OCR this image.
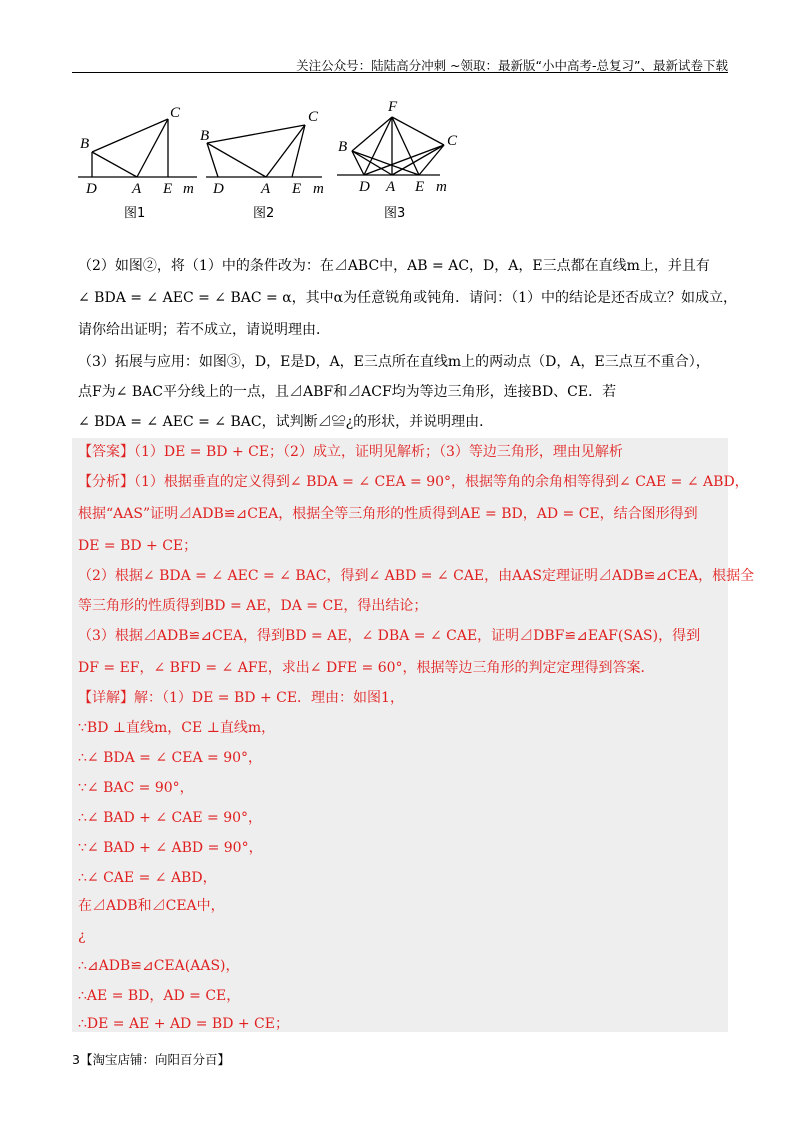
关注公众号：陆陆高分冲刺 ~领取：最新版“小中高考-总复习”、最新试卷下载
B
C
D A E m
图1
B
C
D A E m
图2
F
B	C
D A E m
图3
（2）如图②，将（1）中的条件改为：在⊿ABC中，AB = AC，D，A，E三点都在直线m上，并且有
∠ BDA = ∠ AEC = ∠ BAC = α，其中α为任意锐角或钝角．请问：（1）中的结论是还否成立？如成立，
请你给出证明；若不成立，请说明理由．
（3）拓展与应用：如图③，D，E是D，A，E三点所在直线m上的两动点（D，A，E三点互不重合），
点F为∠ BAC平分线上的一点，且⊿ABF和⊿ACF均为等边三角形，连接BD、CE．若
∠ BDA = ∠ AEC = ∠ BAC，试判断⊿≌¿的形状，并说明理由．
【答案】（1）DE = BD + CE；（2）成立，证明见解析；（3）等边三角形，理由见解析
【分析】（1）根据垂直的定义得到∠ BDA = ∠ CEA = 90°，根据等角的余角相等得到∠ CAE = ∠ ABD，
根据“AAS”证明⊿ADB≌⊿CEA，根据全等三角形的性质得到AE = BD，AD = CE，结合图形得到
DE = BD + CE；
（2）根据∠ BDA = ∠ AEC = ∠ BAC，得到∠ ABD = ∠ CAE，由AAS定理证明⊿ADB≌⊿CEA，根据全
等三角形的性质得到BD = AE，DA = CE，得出结论；
（3）根据⊿ADB≌⊿CEA，得到BD = AE，∠ DBA = ∠ CAE，证明⊿DBF≌⊿EAF(SAS)，得到
DF = EF，∠ BFD = ∠ AFE，求出∠ DFE = 60°，根据等边三角形的判定定理得到答案．
【详解】解：（1）DE = BD + CE．理由：如图1，
∵BD ⊥直线m，CE ⊥直线m，
∴∠ BDA = ∠ CEA = 90°，
∵∠ BAC = 90°，
∴∠ BAD + ∠ CAE = 90°，
∵∠ BAD + ∠ ABD = 90°，
∴∠ CAE = ∠ ABD，
在⊿ADB和⊿CEA中，
¿
∴⊿ADB≌⊿CEA(AAS)，
∴AE = BD，AD = CE，
∴DE = AE + AD = BD + CE；
3【淘宝店铺：向阳百分百】
